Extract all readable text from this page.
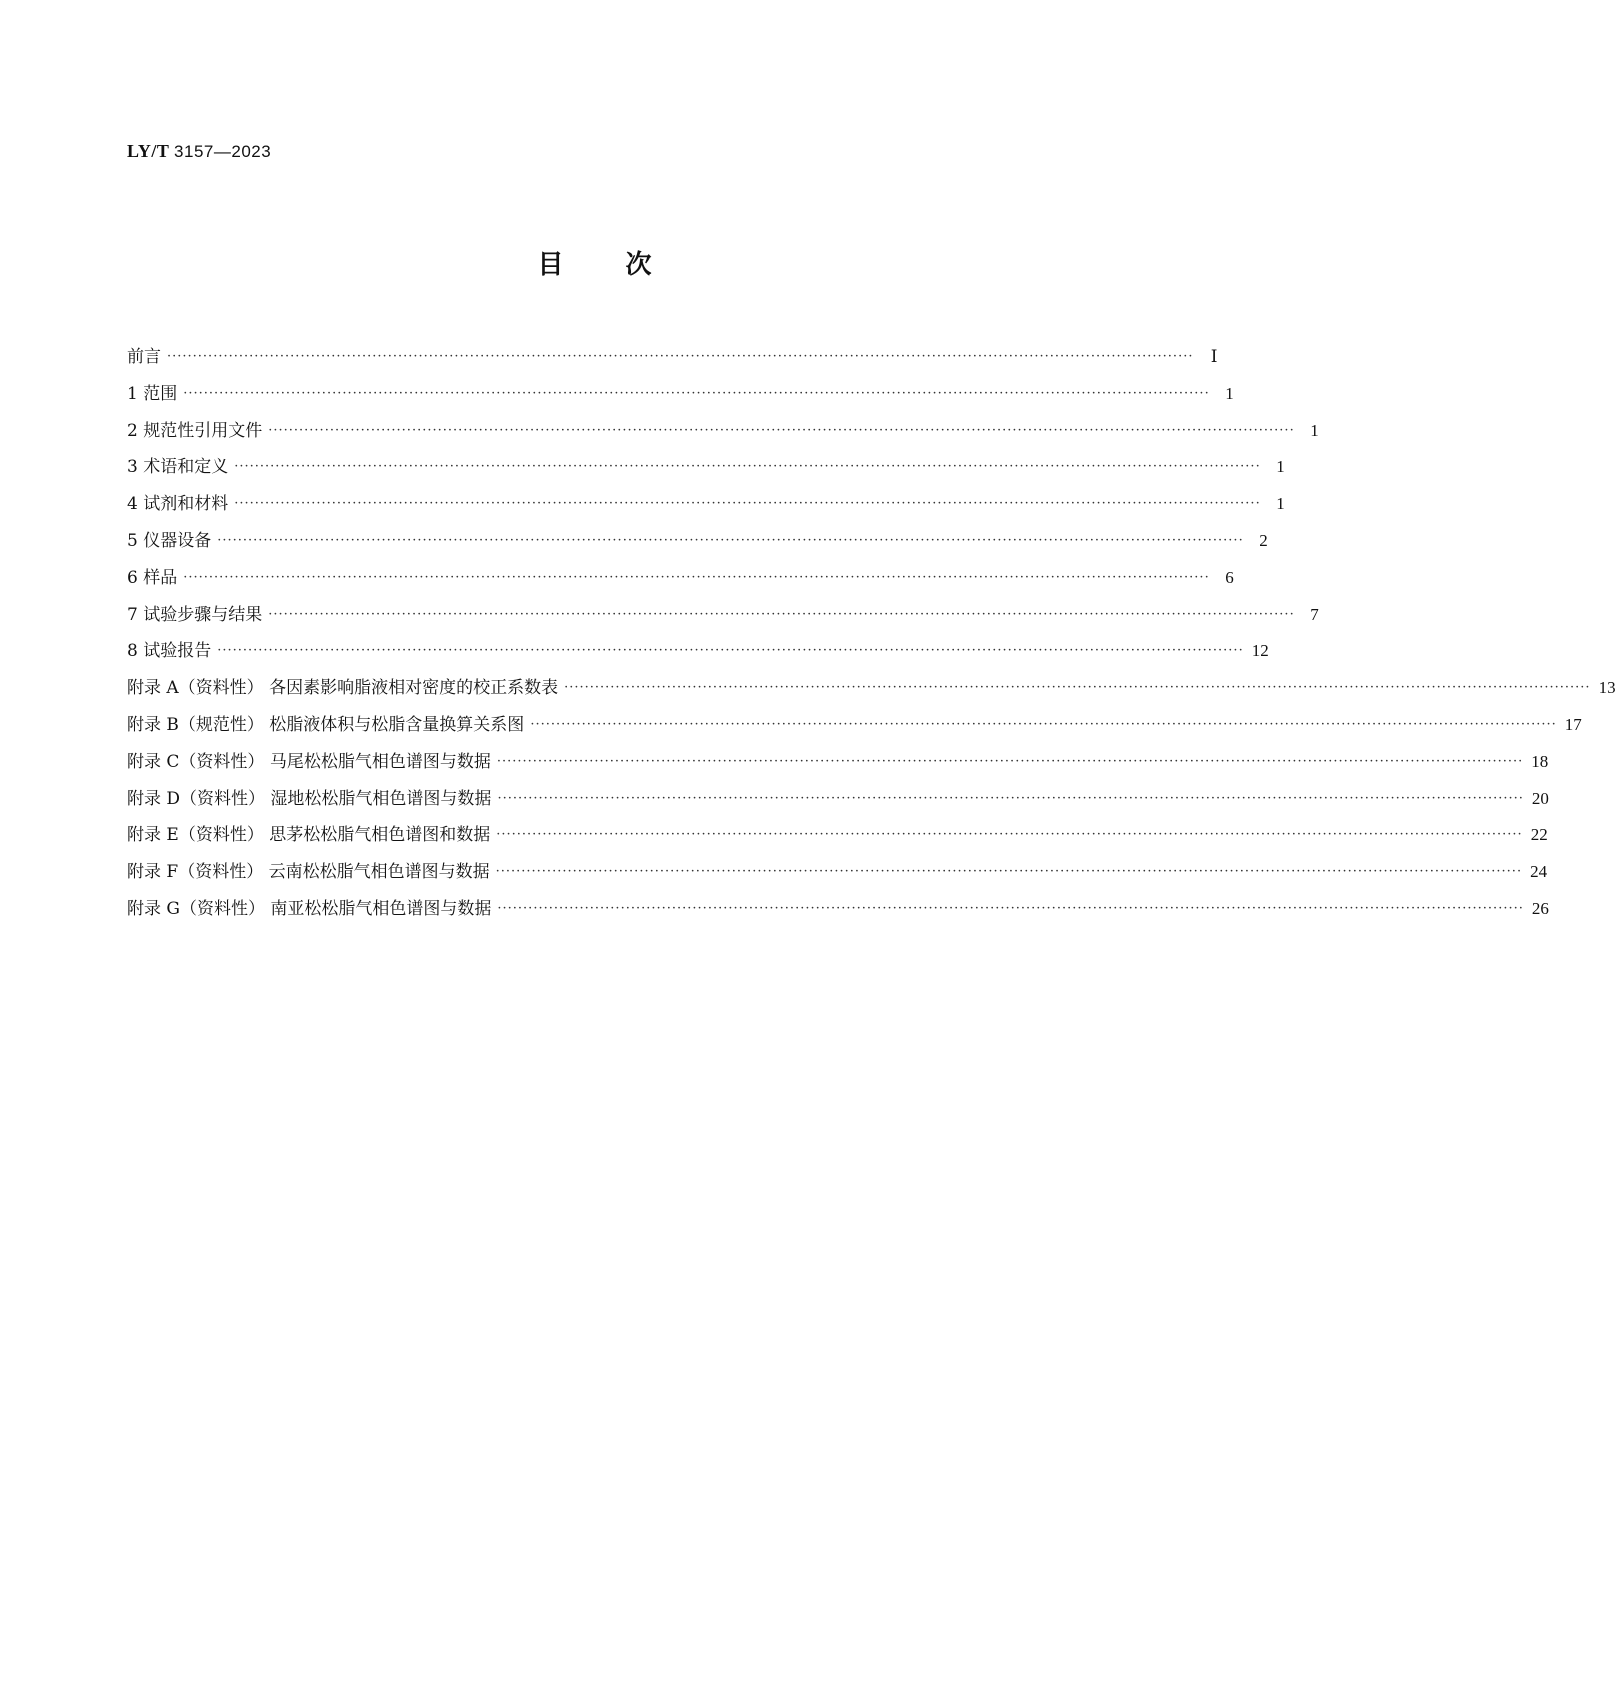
LY/T 3157—2023
目 次
前言 ········································································································································································································	Ⅰ
1 范围 ········································································································································································································ 1
2 规范性引用文件 ········································································································································································································ 1
3 术语和定义 ········································································································································································································ 1
4 试剂和材料 ········································································································································································································ 1
5 仪器设备 ········································································································································································································ 2
6 样品 ········································································································································································································ 6
7 试验步骤与结果 ········································································································································································································ 7
8 试验报告 ········································································································································································································ 12
附录 A（资料性） 各因素影响脂液相对密度的校正系数表 ········································································································································································································ 13
附录 B（规范性） 松脂液体积与松脂含量换算关系图 ········································································································································································································ 17
附录 C（资料性） 马尾松松脂气相色谱图与数据 ········································································································································································································ 18
附录 D（资料性） 湿地松松脂气相色谱图与数据 ········································································································································································································ 20
附录 E（资料性） 思茅松松脂气相色谱图和数据 ········································································································································································································ 22
附录 F（资料性） 云南松松脂气相色谱图与数据 ········································································································································································································ 24
附录 G（资料性） 南亚松松脂气相色谱图与数据 ········································································································································································································ 26
